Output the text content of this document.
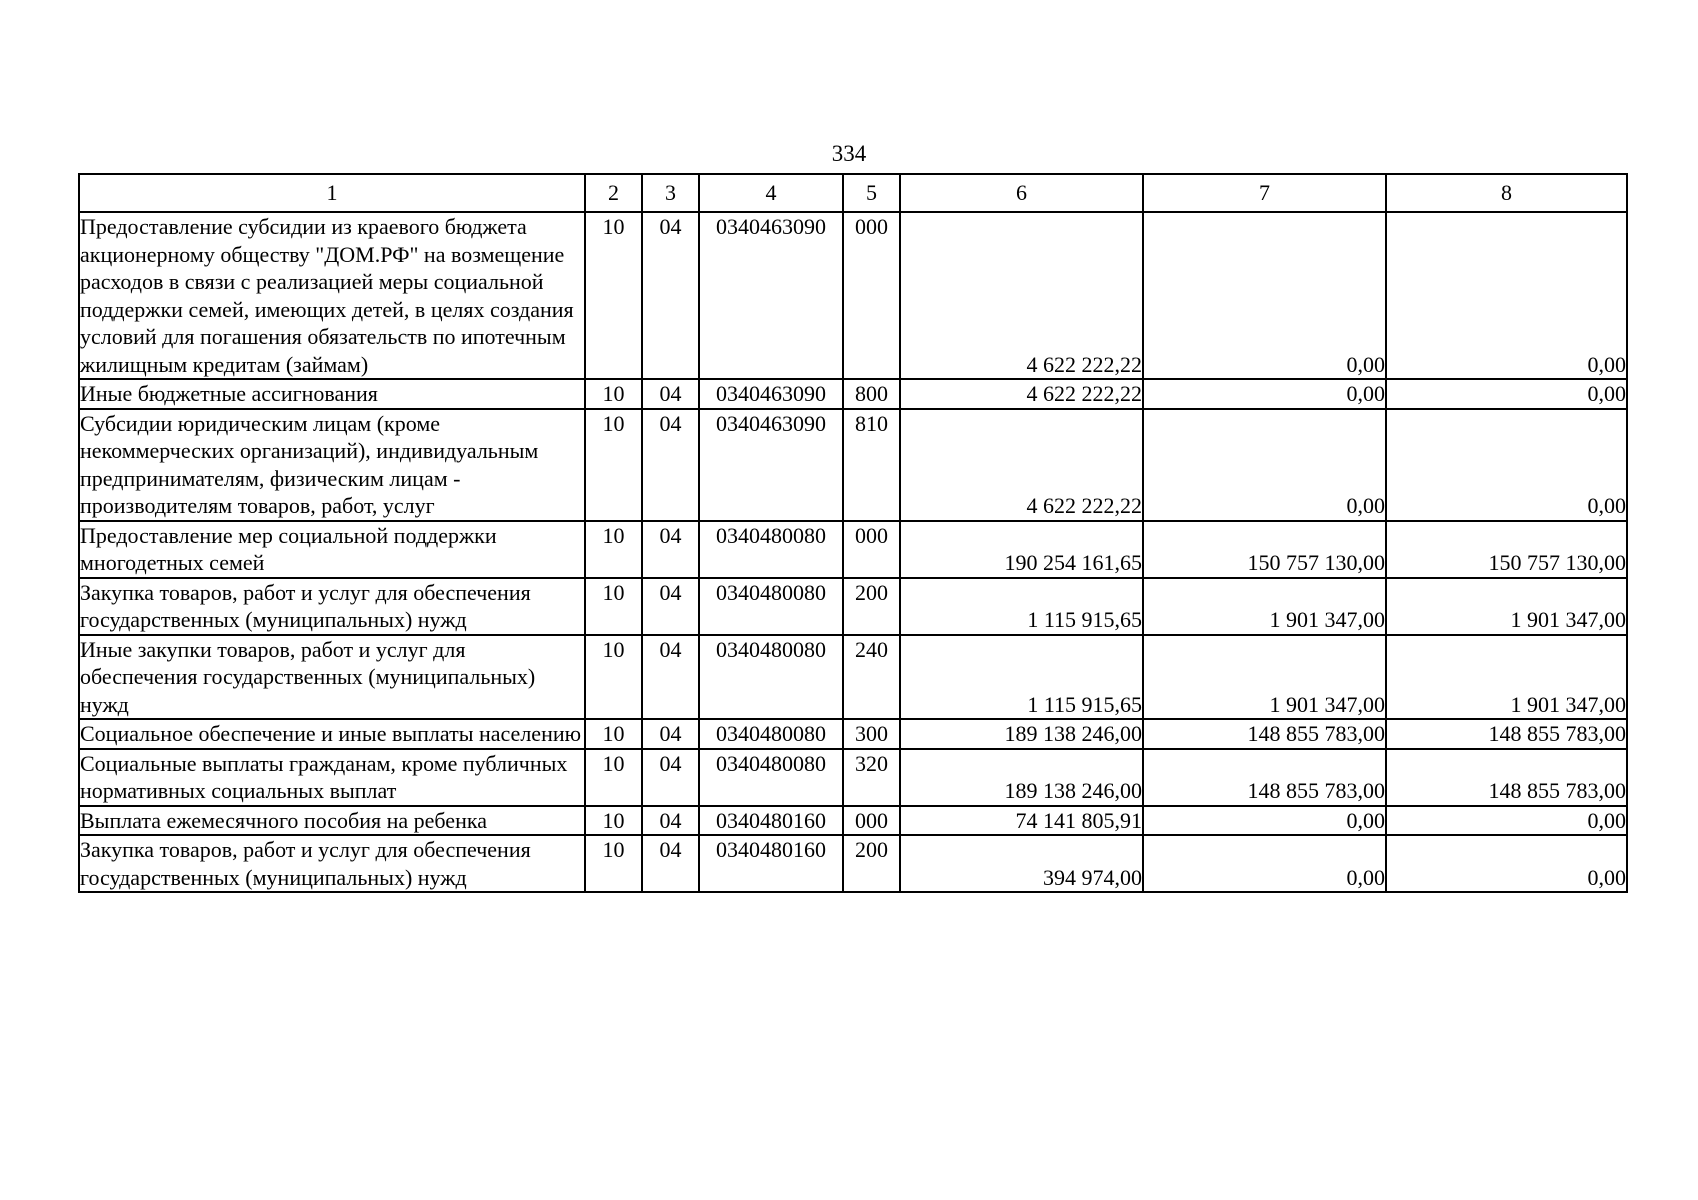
334
1	2	3	4	5	6	7	8
Предоставление субсидии из краевого бюджета акционерному обществу "ДОМ.РФ" на возмещение расходов в связи с реализацией меры социальной поддержки семей, имеющих детей, в целях создания условий для погашения обязательств по ипотечным жилищным кредитам (займам)	10	04	0340463090	000	4 622 222,22	0,00	0,00
Иные бюджетные ассигнования	10	04	0340463090	800	4 622 222,22	0,00	0,00
Субсидии юридическим лицам (кроме некоммерческих организаций), индивидуальным предпринимателям, физическим лицам - производителям товаров, работ, услуг	10	04	0340463090	810	4 622 222,22	0,00	0,00
Предоставление мер социальной поддержки многодетных семей	10	04	0340480080	000	190 254 161,65	150 757 130,00	150 757 130,00
Закупка товаров, работ и услуг для обеспечения государственных (муниципальных) нужд	10	04	0340480080	200	1 115 915,65	1 901 347,00	1 901 347,00
Иные закупки товаров, работ и услуг для обеспечения государственных (муниципальных) нужд	10	04	0340480080	240	1 115 915,65	1 901 347,00	1 901 347,00
Социальное обеспечение и иные выплаты населению	10	04	0340480080	300	189 138 246,00	148 855 783,00	148 855 783,00
Социальные выплаты гражданам, кроме публичных нормативных социальных выплат	10	04	0340480080	320	189 138 246,00	148 855 783,00	148 855 783,00
Выплата ежемесячного пособия на ребенка	10	04	0340480160	000	74 141 805,91	0,00	0,00
Закупка товаров, работ и услуг для обеспечения государственных (муниципальных) нужд	10	04	0340480160	200	394 974,00	0,00	0,00
